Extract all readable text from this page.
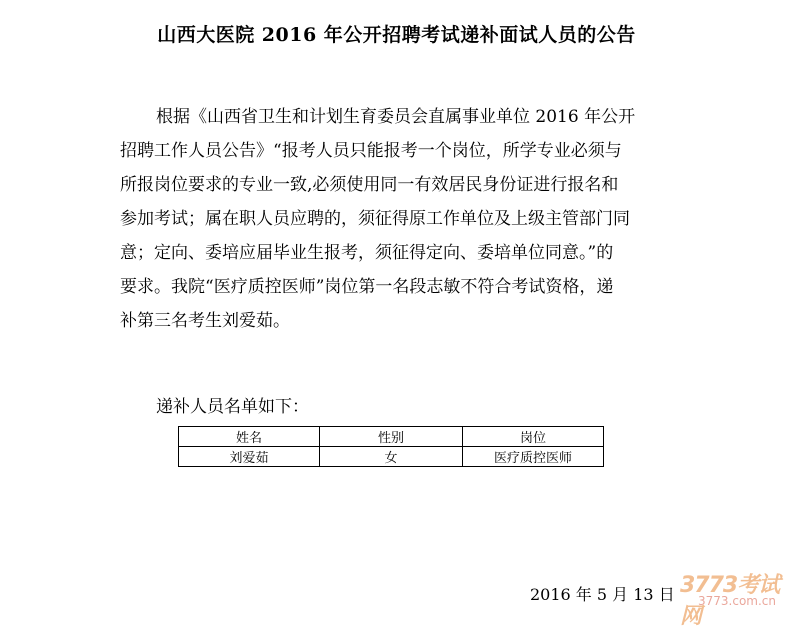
山西大医院 2016 年公开招聘考试递补面试人员的公告
根据《山西省卫生和计划生育委员会直属事业单位 2016 年公开
招聘工作人员公告》“报考人员只能报考一个岗位，所学专业必须与
所报岗位要求的专业一致,必须使用同一有效居民身份证进行报名和
参加考试；属在职人员应聘的，须征得原工作单位及上级主管部门同
意；定向、委培应届毕业生报考，须征得定向、委培单位同意。”的
要求。我院“医疗质控医师”岗位第一名段志敏不符合考试资格，递
补第三名考生刘爱茹。
递补人员名单如下：
姓名	性别	岗位
刘爱茹	女	医疗质控医师
2016 年 5 月 13 日 3773考试网
3773.com.cn
